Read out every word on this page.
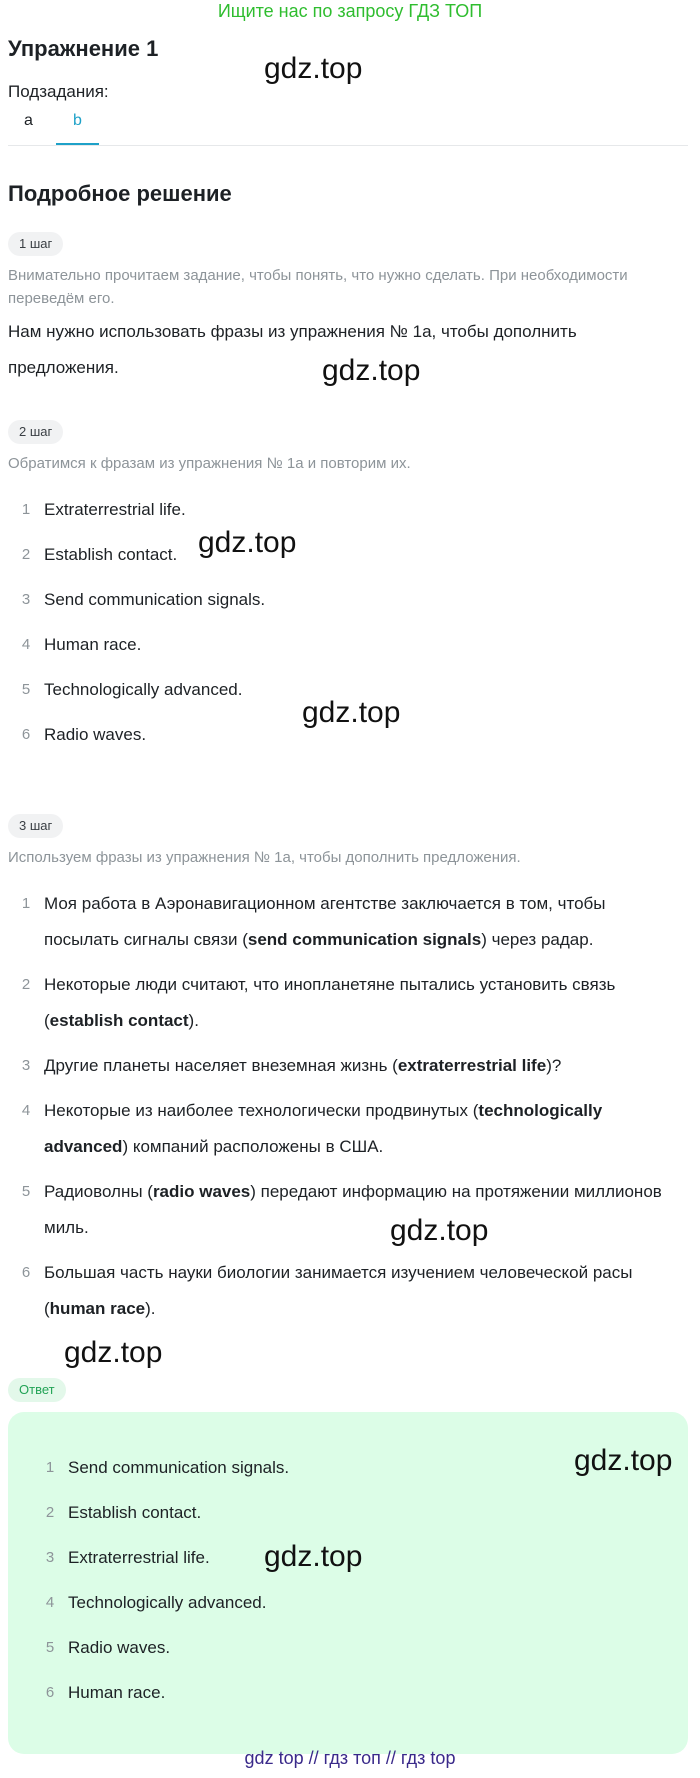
Ищите нас по запросу ГДЗ ТОП
Упражнение 1
Подзадания:
a	b
Подробное решение
1 шаг
Внимательно прочитаем задание, чтобы понять, что нужно сделать. При необходимости переведём его.
Нам нужно использовать фразы из упражнения № 1a, чтобы дополнить предложения.
2 шаг
Обратимся к фразам из упражнения № 1a и повторим их.
1 Extraterrestrial life.
2 Establish contact.
3 Send communication signals.
4 Human race.
5 Technologically advanced.
6 Radio waves.
3 шаг
Используем фразы из упражнения № 1a, чтобы дополнить предложения.
1 Моя работа в Аэронавигационном агентстве заключается в том, чтобы посылать сигналы связи (send communication signals) через радар.
2 Некоторые люди считают, что инопланетяне пытались установить связь (establish contact).
3 Другие планеты населяет внеземная жизнь (extraterrestrial life)?
4 Некоторые из наиболее технологически продвинутых (technologically advanced) компаний расположены в США.
5 Радиоволны (radio waves) передают информацию на протяжении миллионов миль.
6 Большая часть науки биологии занимается изучением человеческой расы (human race).
Ответ
1 Send communication signals.
2 Establish contact.
3 Extraterrestrial life.
4 Technologically advanced.
5 Radio waves.
6 Human race.
gdz.top
gdz.top
gdz.top
gdz.top
gdz.top
gdz.top
gdz.top
gdz.top
gdz top // гдз топ // гдз top
